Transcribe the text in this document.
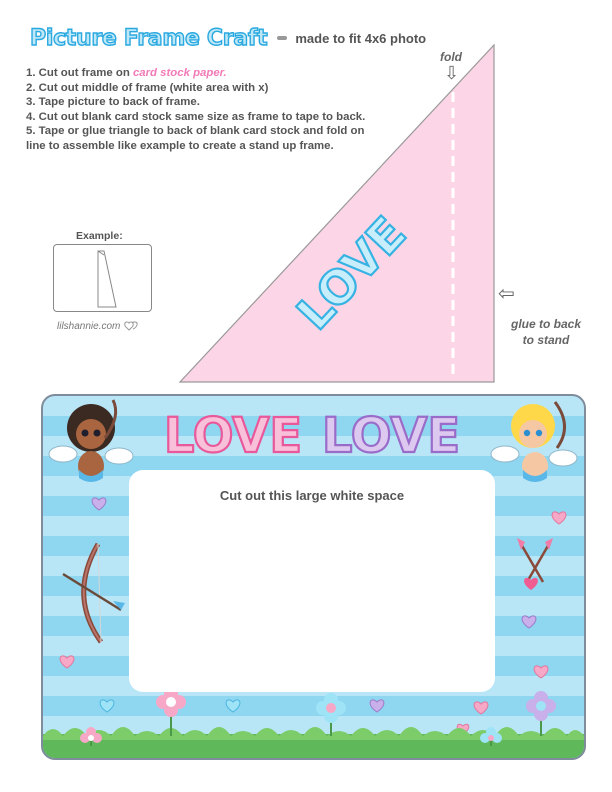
Picture Frame Craft made to fit 4x6 photo
1. Cut out frame on card stock paper.
2. Cut out middle of frame (white area with x)
3. Tape picture to back of frame.
4. Cut out blank card stock same size as frame to tape to back.
5. Tape or glue triangle to back of blank card stock and fold on line to assemble like example to create a stand up frame.
Example:
lilshannie.com	LOVE
fold
⇩
⇦
glue to back
to stand
LOVE LOVE
Cut out this large white space
